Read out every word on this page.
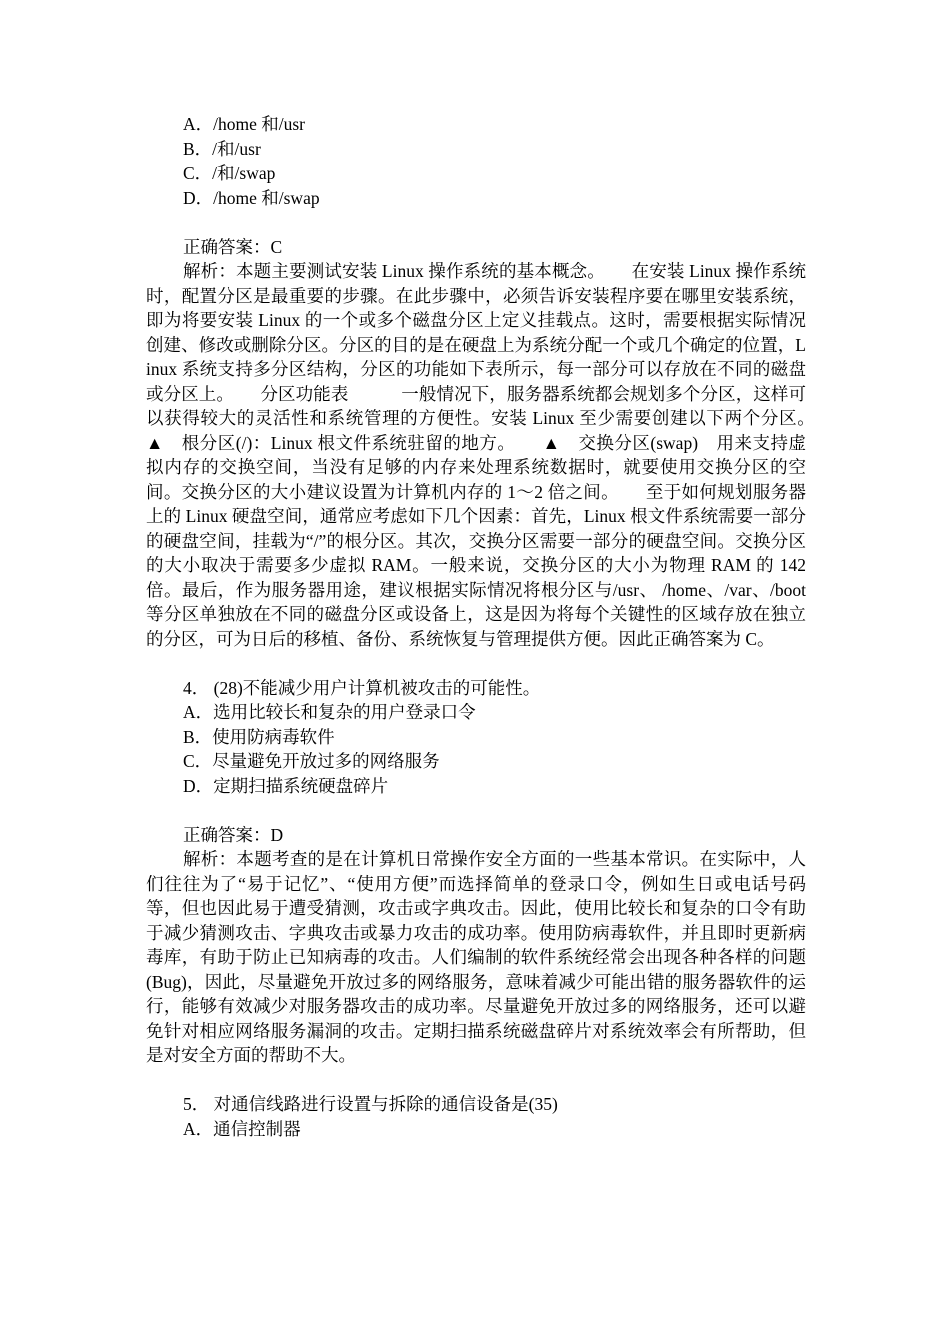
A．/home 和/usr
B．/和/usr
C．/和/swap
D．/home 和/swap
正确答案：C
解析：本题主要测试安装 Linux 操作系统的基本概念。　　在安装 Linux 操作系统时，配置分区是最重要的步骤。在此步骤中，必须告诉安装程序要在哪里安装系统，即为将要安装 Linux 的一个或多个磁盘分区上定义挂载点。这时，需要根据实际情况创建、修改或删除分区。分区的目的是在硬盘上为系统分配一个或几个确定的位置，Linux 系统支持多分区结构，分区的功能如下表所示，每一部分可以存放在不同的磁盘或分区上。　　分区功能表　　　一般情况下，服务器系统都会规划多个分区，这样可以获得较大的灵活性和系统管理的方便性。安装 Linux 至少需要创建以下两个分区。　▲　根分区(/)：Linux 根文件系统驻留的地方。　　▲　交换分区(swap)　用来支持虚拟内存的交换空间，当没有足够的内存来处理系统数据时，就要使用交换分区的空间。交换分区的大小建议设置为计算机内存的 1～2 倍之间。　　至于如何规划服务器上的 Linux 硬盘空间，通常应考虑如下几个因素：首先，Linux 根文件系统需要一部分的硬盘空间，挂载为“/”的根分区。其次，交换分区需要一部分的硬盘空间。交换分区的大小取决于需要多少虚拟 RAM。一般来说，交换分区的大小为物理 RAM 的 142 倍。最后，作为服务器用途，建议根据实际情况将根分区与/usr、 /home、/var、/boot 等分区单独放在不同的磁盘分区或设备上，这是因为将每个关键性的区域存放在独立的分区，可为日后的移植、备份、系统恢复与管理提供方便。因此正确答案为 C。
4． (28)不能减少用户计算机被攻击的可能性。
A．选用比较长和复杂的用户登录口令
B．使用防病毒软件
C．尽量避免开放过多的网络服务
D．定期扫描系统硬盘碎片
正确答案：D
解析：本题考查的是在计算机日常操作安全方面的一些基本常识。在实际中，人们往往为了“易于记忆”、“使用方便”而选择简单的登录口令，例如生日或电话号码等，但也因此易于遭受猜测，攻击或字典攻击。因此，使用比较长和复杂的口令有助于减少猜测攻击、字典攻击或暴力攻击的成功率。使用防病毒软件，并且即时更新病毒库，有助于防止已知病毒的攻击。人们编制的软件系统经常会出现各种各样的问题(Bug)，因此，尽量避免开放过多的网络服务，意味着减少可能出错的服务器软件的运行，能够有效减少对服务器攻击的成功率。尽量避免开放过多的网络服务，还可以避免针对相应网络服务漏洞的攻击。定期扫描系统磁盘碎片对系统效率会有所帮助，但是对安全方面的帮助不大。
5． 对通信线路进行设置与拆除的通信设备是(35)
A．通信控制器
